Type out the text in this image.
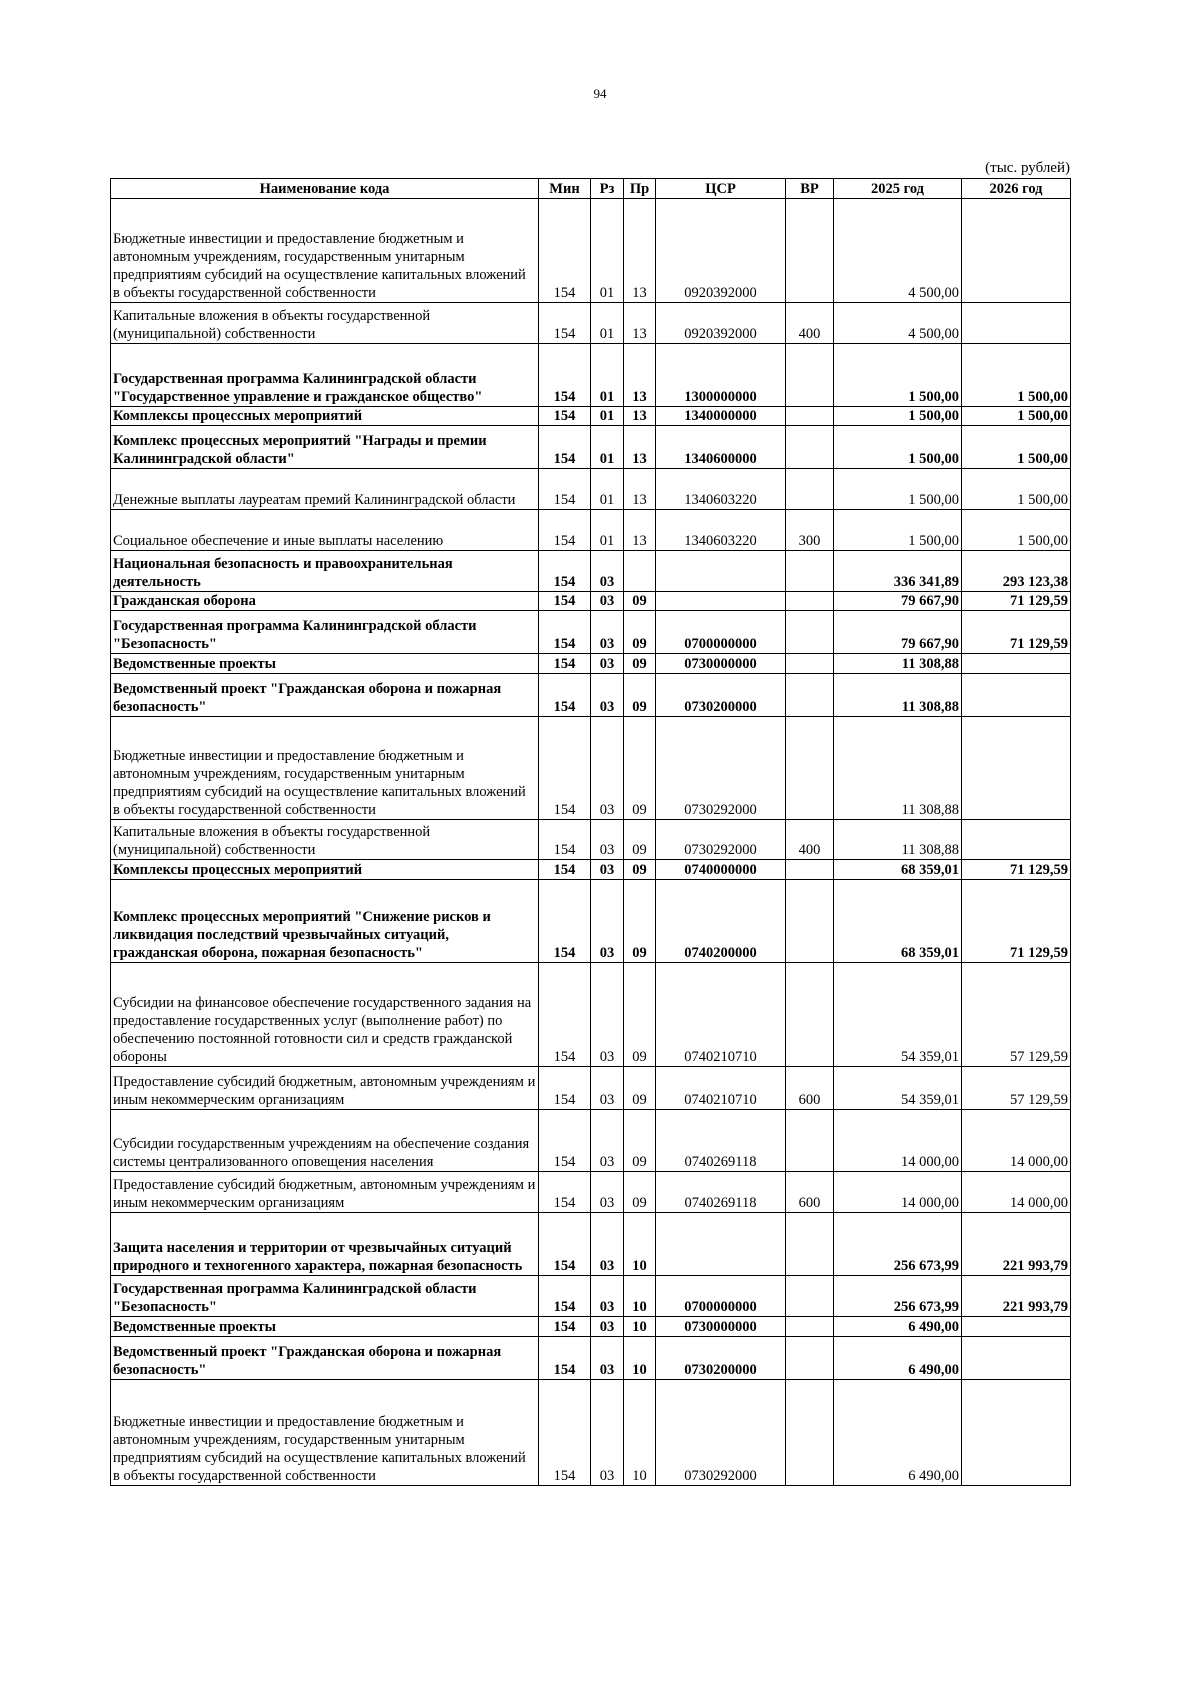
94
(тыс. рублей)
Наименование кода	Мин	Рз	Пр	ЦСР	ВР	2025 год	2026 год
Бюджетные инвестиции и предоставление бюджетным и автономным учреждениям, государственным унитарным предприятиям субсидий на осуществление капитальных вложений в объекты государственной собственности	154	01	13	0920392000		4 500,00	
Капитальные вложения в объекты государственной (муниципальной) собственности	154	01	13	0920392000	400	4 500,00	
Государственная программа Калининградской области "Государственное управление и гражданское общество"	154	01	13	1300000000		1 500,00	1 500,00
Комплексы процессных мероприятий	154	01	13	1340000000		1 500,00	1 500,00
Комплекс процессных мероприятий "Награды и премии Калининградской области"	154	01	13	1340600000		1 500,00	1 500,00
Денежные выплаты лауреатам премий Калининградской области	154	01	13	1340603220		1 500,00	1 500,00
Социальное обеспечение и иные выплаты населению	154	01	13	1340603220	300	1 500,00	1 500,00
Национальная безопасность и правоохранительная деятельность	154	03				336 341,89	293 123,38
Гражданская оборона	154	03	09			79 667,90	71 129,59
Государственная программа Калининградской области "Безопасность"	154	03	09	0700000000		79 667,90	71 129,59
Ведомственные проекты	154	03	09	0730000000		11 308,88	
Ведомственный проект "Гражданская оборона и пожарная безопасность"	154	03	09	0730200000		11 308,88	
Бюджетные инвестиции и предоставление бюджетным и автономным учреждениям, государственным унитарным предприятиям субсидий на осуществление капитальных вложений в объекты государственной собственности	154	03	09	0730292000		11 308,88	
Капитальные вложения в объекты государственной (муниципальной) собственности	154	03	09	0730292000	400	11 308,88	
Комплексы процессных мероприятий	154	03	09	0740000000		68 359,01	71 129,59
Комплекс процессных мероприятий "Снижение рисков и ликвидация последствий чрезвычайных ситуаций, гражданская оборона, пожарная безопасность"	154	03	09	0740200000		68 359,01	71 129,59
Субсидии на финансовое обеспечение государственного задания на предоставление государственных услуг (выполнение работ) по обеспечению постоянной готовности сил и средств гражданской обороны	154	03	09	0740210710		54 359,01	57 129,59
Предоставление субсидий бюджетным, автономным учреждениям и иным некоммерческим организациям	154	03	09	0740210710	600	54 359,01	57 129,59
Субсидии государственным учреждениям на обеспечение создания системы централизованного оповещения населения	154	03	09	0740269118		14 000,00	14 000,00
Предоставление субсидий бюджетным, автономным учреждениям и иным некоммерческим организациям	154	03	09	0740269118	600	14 000,00	14 000,00
Защита населения и территории от чрезвычайных ситуаций природного и техногенного характера, пожарная безопасность	154	03	10			256 673,99	221 993,79
Государственная программа Калининградской области "Безопасность"	154	03	10	0700000000		256 673,99	221 993,79
Ведомственные проекты	154	03	10	0730000000		6 490,00	
Ведомственный проект "Гражданская оборона и пожарная безопасность"	154	03	10	0730200000		6 490,00	
Бюджетные инвестиции и предоставление бюджетным и автономным учреждениям, государственным унитарным предприятиям субсидий на осуществление капитальных вложений в объекты государственной собственности	154	03	10	0730292000		6 490,00	
